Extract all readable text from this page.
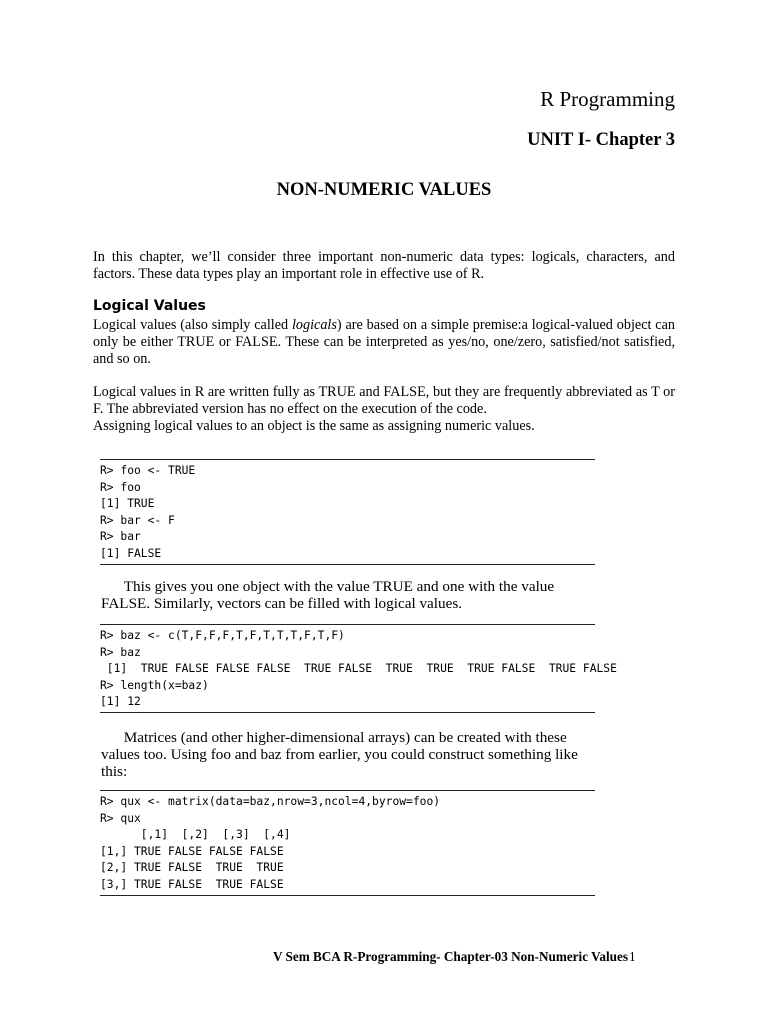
R Programming
UNIT I- Chapter 3
NON-NUMERIC VALUES

In this chapter, we’ll consider three important non-numeric data types: logicals, characters, and factors. These data types play an important role in effective use of R.

Logical Values

Logical values (also simply called logicals) are based on a simple premise:a logical-valued object can only be either TRUE or FALSE. These can be interpreted as yes/no, one/zero, satisfied/not satisfied, and so on.

Logical values in R are written fully as TRUE and FALSE, but they are frequently abbreviated as T or F. The abbreviated version has no effect on the execution of the code.
Assigning logical values to an object is the same as assigning numeric values.

R> foo <- TRUE
R> foo
[1] TRUE
R> bar <- F
R> bar
[1] FALSE

  This gives you one object with the value TRUE and one with the value FALSE. Similarly, vectors can be filled with logical values.

R> baz <- c(T,F,F,F,T,F,T,T,T,F,T,F)
R> baz
[1]  TRUE FALSE FALSE FALSE  TRUE FALSE  TRUE  TRUE  TRUE FALSE  TRUE FALSE
R> length(x=baz)
[1] 12

  Matrices (and other higher-dimensional arrays) can be created with these values too. Using foo and baz from earlier, you could construct something like this:

R> qux <- matrix(data=baz,nrow=3,ncol=4,byrow=foo)
R> qux
[,1]  [,2]  [,3]  [,4]
[1,] TRUE FALSE FALSE FALSE
[2,] TRUE FALSE  TRUE  TRUE
[3,] TRUE FALSE  TRUE FALSE
V Sem BCA R-Programming- Chapter-03 Non-Numeric Values 1
